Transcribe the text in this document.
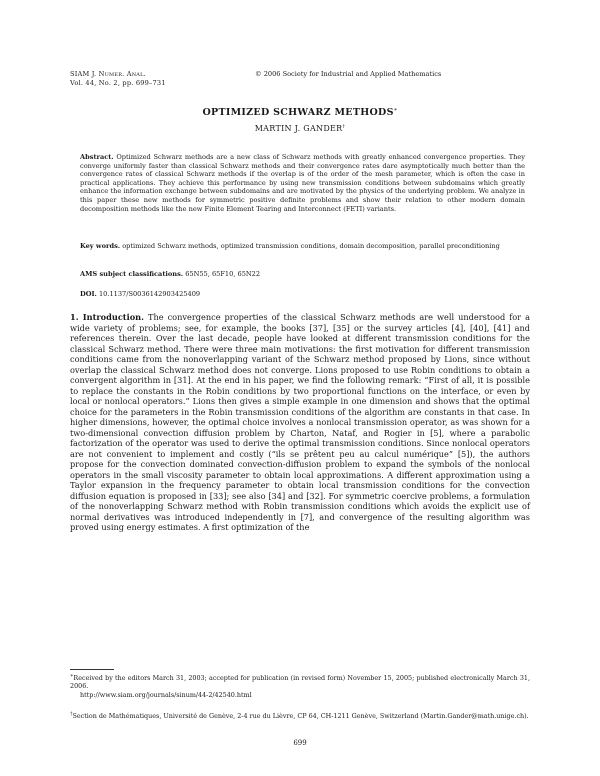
SIAM J. Numer. Anal.
Vol. 44, No. 2, pp. 699–731
© 2006 Society for Industrial and Applied Mathematics
OPTIMIZED SCHWARZ METHODS∗
MARTIN J. GANDER†
Abstract. Optimized Schwarz methods are a new class of Schwarz methods with greatly enhanced convergence properties. They converge uniformly faster than classical Schwarz methods and their convergence rates dare asymptotically much better than the convergence rates of classical Schwarz methods if the overlap is of the order of the mesh parameter, which is often the case in practical applications. They achieve this performance by using new transmission conditions between subdomains which greatly enhance the information exchange between subdomains and are motivated by the physics of the underlying problem. We analyze in this paper these new methods for symmetric positive definite problems and show their relation to other modern domain decomposition methods like the new Finite Element Tearing and Interconnect (FETI) variants.
Key words. optimized Schwarz methods, optimized transmission conditions, domain decomposition, parallel preconditioning
AMS subject classifications. 65N55, 65F10, 65N22
DOI. 10.1137/S0036142903425409
1. Introduction. The convergence properties of the classical Schwarz methods are well understood for a wide variety of problems; see, for example, the books [37], [35] or the survey articles [4], [40], [41] and references therein. Over the last decade, people have looked at different transmission conditions for the classical Schwarz method. There were three main motivations: the first motivation for different transmission conditions came from the nonoverlapping variant of the Schwarz method proposed by Lions, since without overlap the classical Schwarz method does not converge. Lions proposed to use Robin conditions to obtain a convergent algorithm in [31]. At the end in his paper, we find the following remark: “First of all, it is possible to replace the constants in the Robin conditions by two proportional functions on the interface, or even by local or nonlocal operators.” Lions then gives a simple example in one dimension and shows that the optimal choice for the parameters in the Robin transmission conditions of the algorithm are constants in that case. In higher dimensions, however, the optimal choice involves a nonlocal transmission operator, as was shown for a two-dimensional convection diffusion problem by Charton, Nataf, and Rogier in [5], where a parabolic factorization of the operator was used to derive the optimal transmission conditions. Since nonlocal operators are not convenient to implement and costly (“ils se prêtent peu au calcul numérique” [5]), the authors propose for the convection dominated convection-diffusion problem to expand the symbols of the nonlocal operators in the small viscosity parameter to obtain local approximations. A different approximation using a Taylor expansion in the frequency parameter to obtain local transmission conditions for the convection diffusion equation is proposed in [33]; see also [34] and [32]. For symmetric coercive problems, a formulation of the nonoverlapping Schwarz method with Robin transmission conditions which avoids the explicit use of normal derivatives was introduced independently in [7], and convergence of the resulting algorithm was proved using energy estimates. A first optimization of the
∗Received by the editors March 31, 2003; accepted for publication (in revised form) November 15, 2005; published electronically March 31, 2006.
http://www.siam.org/journals/sinum/44-2/42540.html
†Section de Mathématiques, Université de Genève, 2-4 rue du Lièvre, CP 64, CH-1211 Genève, Switzerland (Martin.Gander@math.unige.ch).
699
